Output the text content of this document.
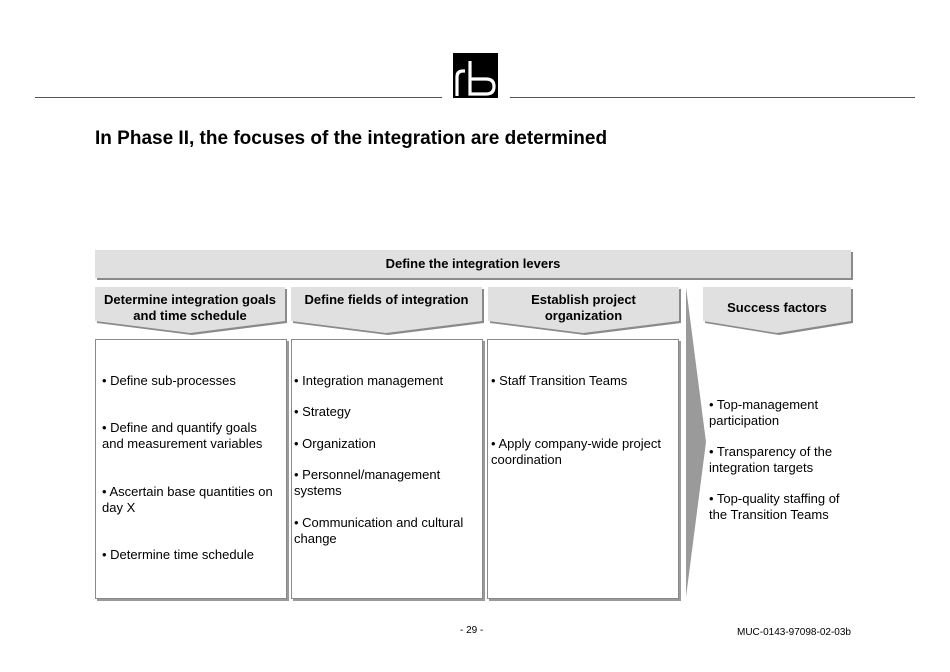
In Phase II, the focuses of the integration are determined
Define the integration levers
Determine integration goals
and time schedule
Define fields of integration	Establish project
organization
Success factors
• Define sub-processes
• Define and quantify goals
and measurement variables
• Ascertain base quantities on
day X
• Determine time schedule
• Integration management
• Strategy
• Organization
• Personnel/management
systems
• Communication and cultural
change
• Staff Transition Teams
• Apply company-wide project
coordination
• Top-management
participation
• Transparency of the
integration targets
• Top-quality staffing of
the Transition Teams
- 29 -	MUC-0143-97098-02-03b
